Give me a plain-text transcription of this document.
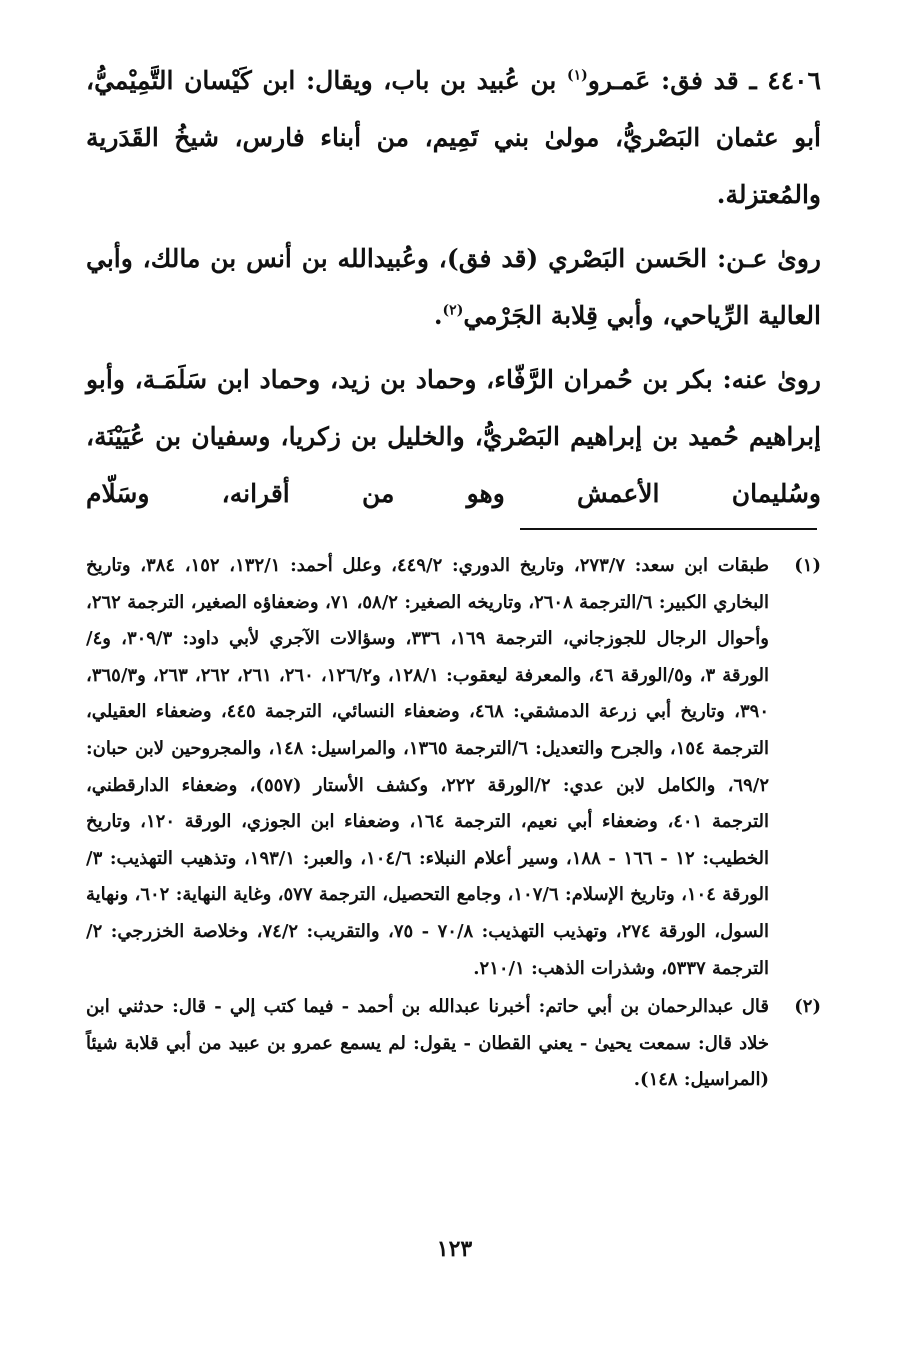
٤٤٠٦ ـ قد فق: عَمـرو$^{(١)}$ بن عُبيد بن باب، ويقال: ابن كَيْسان التَّمِيْميُّ، أبو عثمان البَصْريُّ، مولىٰ بني تَمِيم، من أبناء فارس، شيخُ القَدَرية والمُعتزلة.

روىٰ عـن: الحَسن البَصْري (قد فق)، وعُبيدالله بن أنس بن مالك، وأبي العالية الرِّياحي، وأبي قِلابة الجَرْمي$^{(٢)}$.

روىٰ عنه: بكر بن حُمران الرَّفّاء، وحماد بن زيد، وحماد ابن سَلَمَـة، وأبو إبراهيم حُميد بن إبراهيم البَصْريُّ، والخليل بن زكريا، وسفيان بن عُيَيْنَة، وسُليمان الأعمش وهو من أقرانه، وسَلّام

(١)
طبقات ابن سعد: ٢٧٣/٧، وتاريخ الدوري: ٤٤٩/٢، وعلل أحمد: ١٣٢/١، ١٥٢، ٣٨٤، وتاريخ البخاري الكبير: ٦/الترجمة ٢٦٠٨، وتاريخه الصغير: ٥٨/٢، ٧١، وضعفاؤه الصغير، الترجمة ٢٦٢، وأحوال الرجال للجوزجاني، الترجمة ١٦٩، ٣٣٦، وسؤالات الآجري لأبي داود: ٣٠٩/٣، و٤/الورقة ٣، و٥/الورقة ٤٦، والمعرفة ليعقوب: ١٢٨/١، و١٢٦/٢، ٢٦٠، ٢٦١، ٢٦٢، ٢٦٣، و٣٦٥/٣، ٣٩٠، وتاريخ أبي زرعة الدمشقي: ٤٦٨، وضعفاء النسائي، الترجمة ٤٤٥، وضعفاء العقيلي، الترجمة ١٥٤، والجرح والتعديل: ٦/الترجمة ١٣٦٥، والمراسيل: ١٤٨، والمجروحين لابن حبان: ٦٩/٢، والكامل لابن عدي: ٢/الورقة ٢٢٢، وكشف الأستار (٥٥٧)، وضعفاء الدارقطني، الترجمة ٤٠١، وضعفاء أبي نعيم، الترجمة ١٦٤، وضعفاء ابن الجوزي، الورقة ١٢٠، وتاريخ الخطيب: ١٢ - ١٦٦ - ١٨٨، وسير أعلام النبلاء: ١٠٤/٦، والعبر: ١٩٣/١، وتذهيب التهذيب: ٣/الورقة ١٠٤، وتاريخ الإسلام: ١٠٧/٦، وجامع التحصيل، الترجمة ٥٧٧، وغاية النهاية: ٦٠٢، ونهاية السول، الورقة ٢٧٤، وتهذيب التهذيب: ٧٠/٨ - ٧٥، والتقريب: ٧٤/٢، وخلاصة الخزرجي: ٢/الترجمة ٥٣٣٧، وشذرات الذهب: ٢١٠/١.
(٢)
قال عبدالرحمان بن أبي حاتم: أخبرنا عبدالله بن أحمد - فيما كتب إلي - قال: حدثني ابن خلاد قال: سمعت يحيىٰ - يعني القطان - يقول: لم يسمع عمرو بن عبيد من أبي قلابة شيئاً (المراسيل: ١٤٨).
١٢٣
